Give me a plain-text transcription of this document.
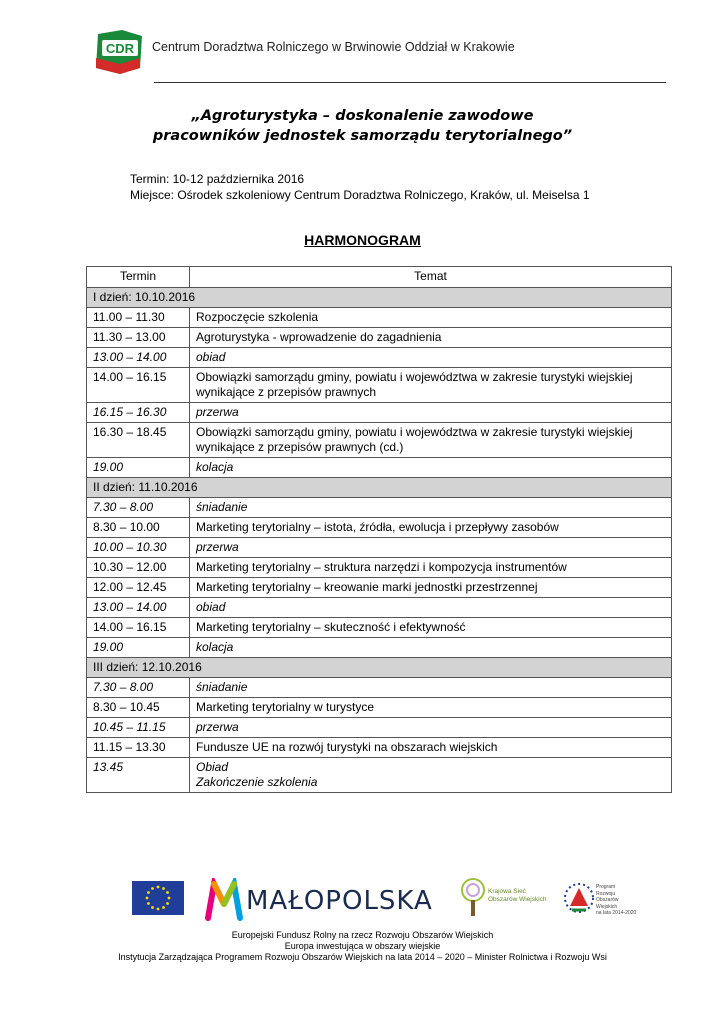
CDR Centrum Doradztwa Rolniczego w Brwinowie Oddział w Krakowie
„Agroturystyka – doskonalenie zawodowe
pracowników jednostek samorządu terytorialnego”
Termin: 10-12 października 2016
Miejsce: Ośrodek szkoleniowy Centrum Doradztwa Rolniczego, Kraków, ul. Meiselsa 1
HARMONOGRAM
Termin	Temat
I dzień: 10.10.2016	
11.00 – 11.30	Rozpoczęcie szkolenia
11.30 – 13.00	Agroturystyka - wprowadzenie do zagadnienia
13.00 – 14.00	obiad
14.00 – 16.15	Obowiązki samorządu gminy, powiatu i województwa w zakresie turystyki wiejskiej wynikające z przepisów prawnych
16.15 – 16.30	przerwa
16.30 – 18.45	Obowiązki samorządu gminy, powiatu i województwa w zakresie turystyki wiejskiej wynikające z przepisów prawnych (cd.)
19.00	kolacja
II dzień: 11.10.2016	
7.30 – 8.00	śniadanie
8.30 – 10.00	Marketing terytorialny – istota, źródła, ewolucja i przepływy zasobów
10.00 – 10.30	przerwa
10.30 – 12.00	Marketing terytorialny – struktura narzędzi i kompozycja instrumentów
12.00 – 12.45	Marketing terytorialny – kreowanie marki jednostki przestrzennej
13.00 – 14.00	obiad
14.00 – 16.15	Marketing terytorialny – skuteczność i efektywność
19.00	kolacja
III dzień: 12.10.2016	
7.30 – 8.00	śniadanie
8.30 – 10.45	Marketing terytorialny w turystyce
10.45 – 11.15	przerwa
11.15 – 13.30	Fundusze UE na rozwój turystyki na obszarach wiejskich
13.45	Obiad
Zakończenie szkolenia
MAŁOPOLSKA	Krajowa Sieć
Obszarów Wiejskich
Program
Rozwoju
Obszarów
Wiejskich
na lata 2014-2020
Europejski Fundusz Rolny na rzecz Rozwoju Obszarów Wiejskich
Europa inwestująca w obszary wiejskie
Instytucja Zarządzająca Programem Rozwoju Obszarów Wiejskich na lata 2014 – 2020 – Minister Rolnictwa i Rozwoju Wsi
